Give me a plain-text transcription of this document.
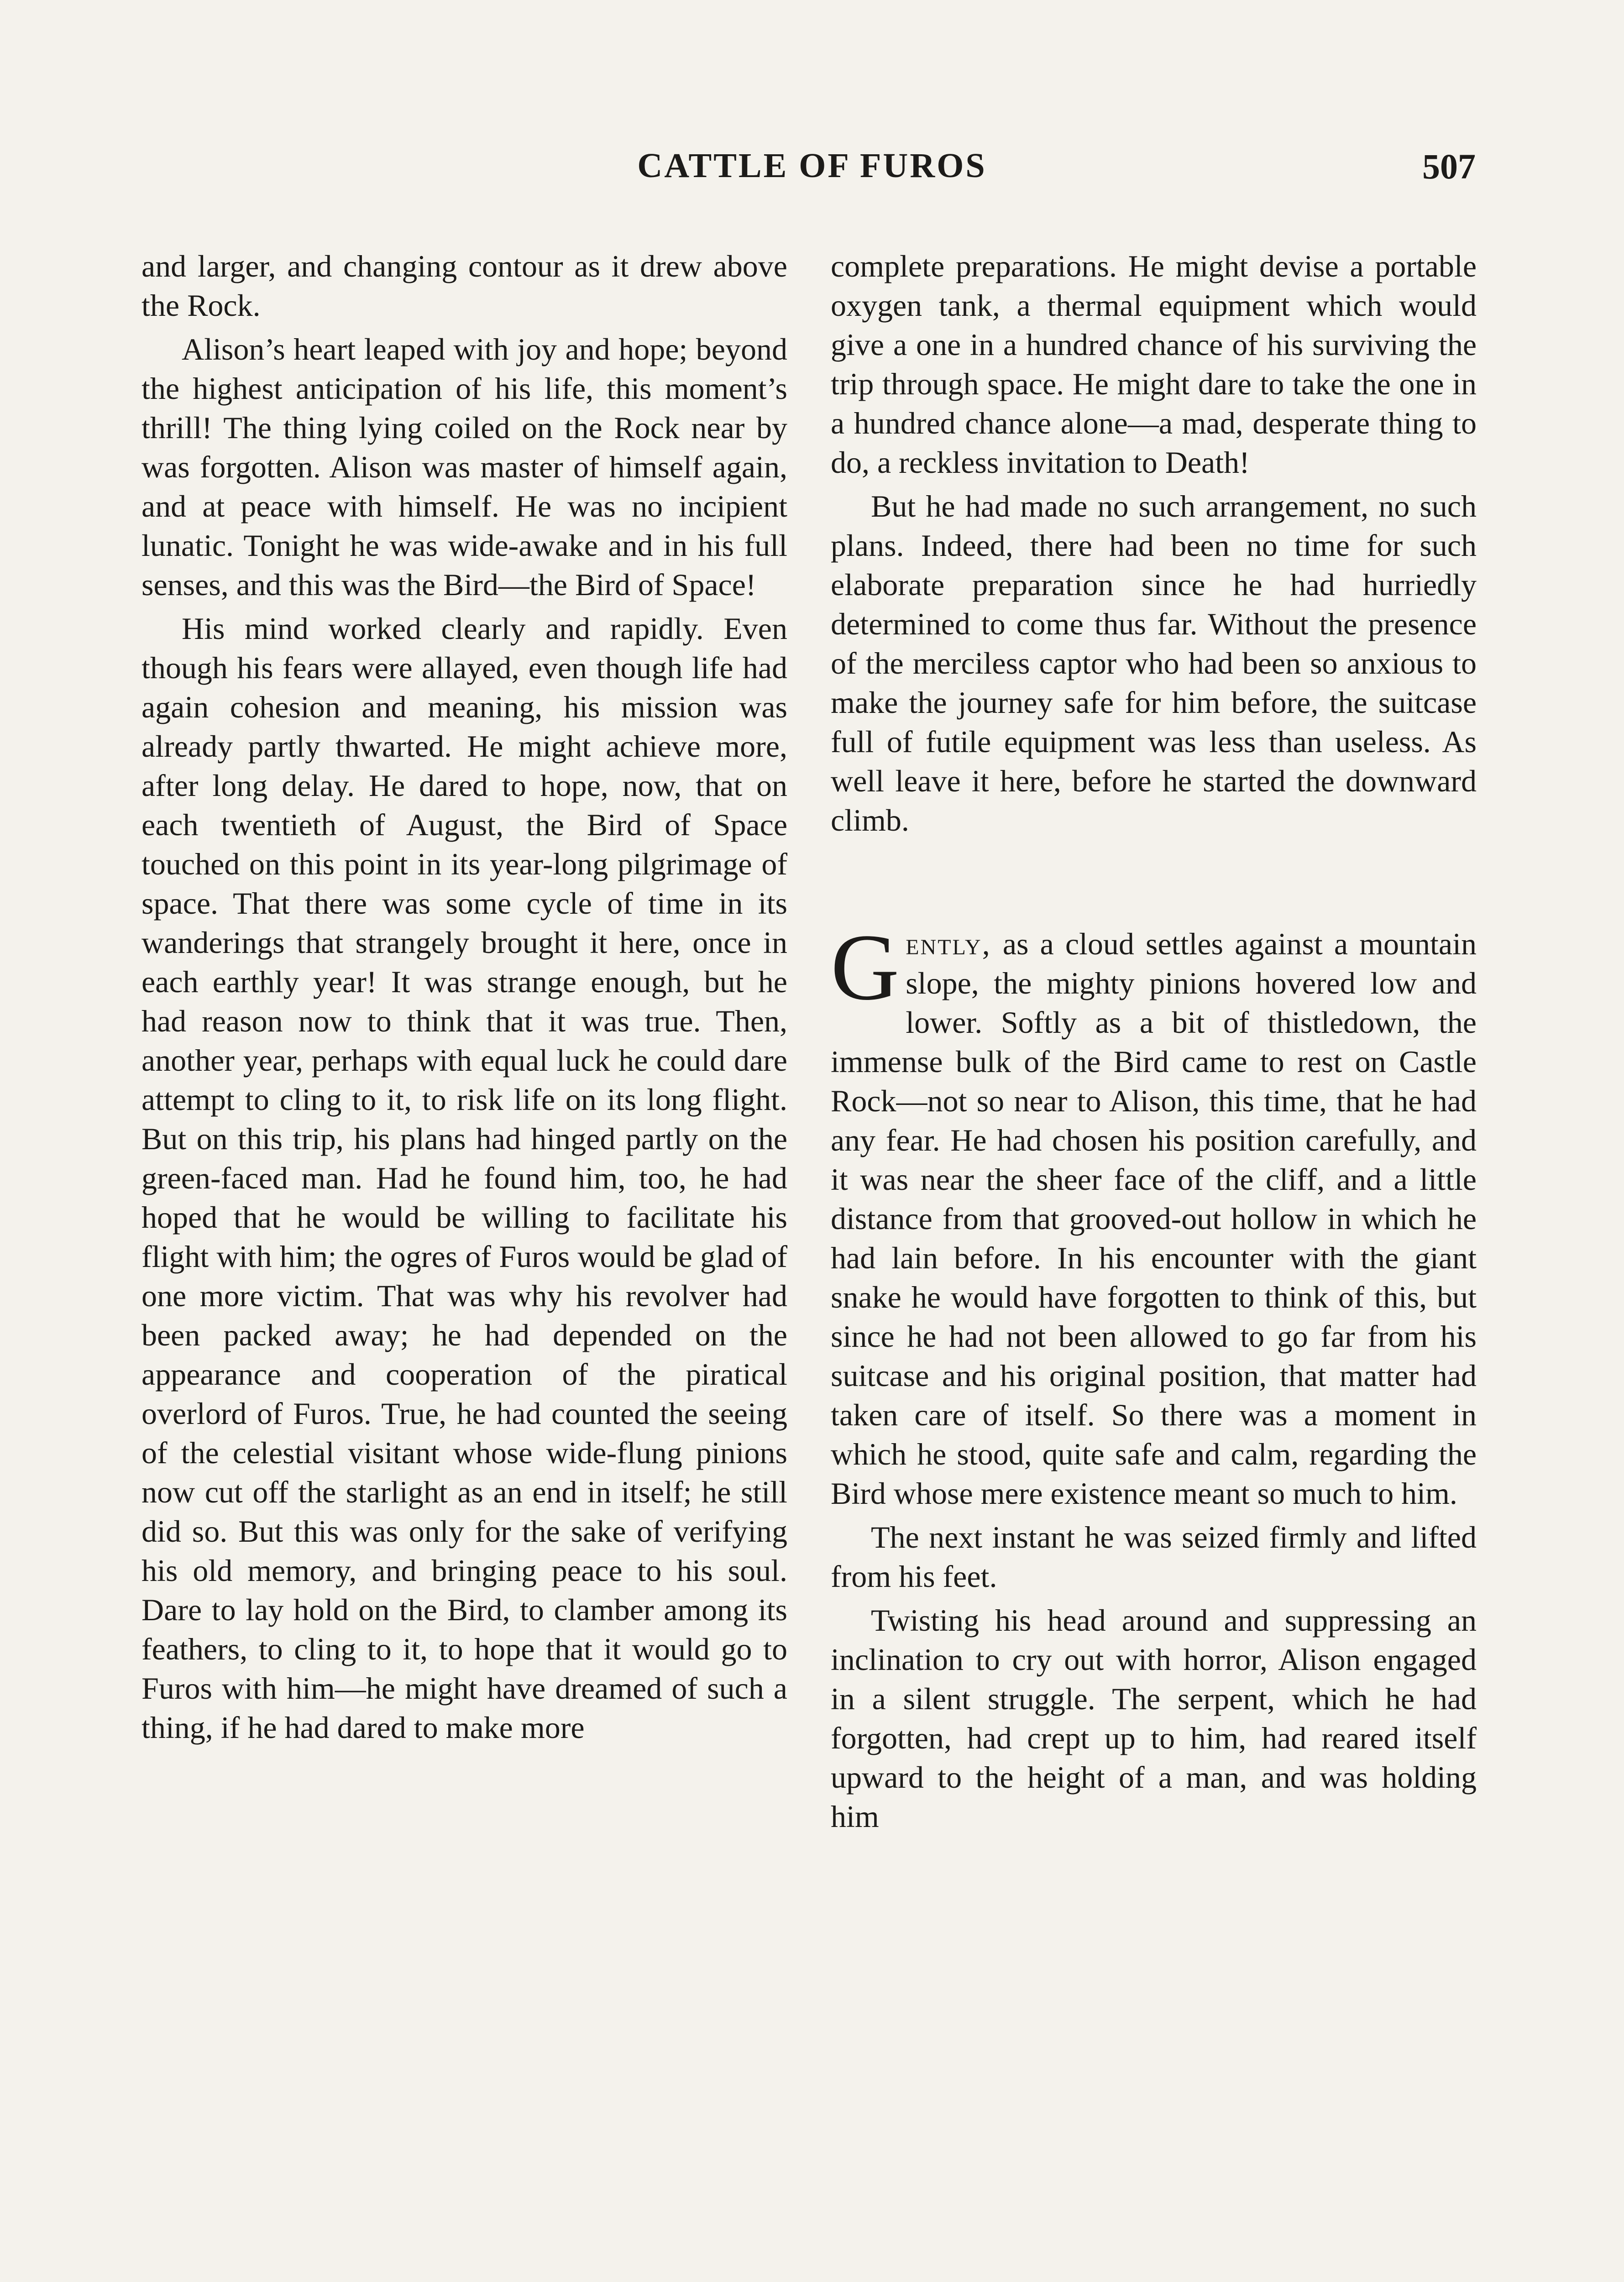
CATTLE OF FUROS	507

and larger, and changing contour as it drew above the Rock.

Alison’s heart leaped with joy and hope; beyond the highest anticipation of his life, this moment’s thrill! The thing lying coiled on the Rock near by was forgotten. Alison was master of himself again, and at peace with himself. He was no incipient lunatic. Tonight he was wide-awake and in his full senses, and this was the Bird—the Bird of Space!

His mind worked clearly and rapidly. Even though his fears were allayed, even though life had again cohesion and meaning, his mission was already partly thwarted. He might achieve more, after long delay. He dared to hope, now, that on each twentieth of August, the Bird of Space touched on this point in its year-long pilgrimage of space. That there was some cycle of time in its wanderings that strangely brought it here, once in each earthly year! It was strange enough, but he had reason now to think that it was true. Then, another year, perhaps with equal luck he could dare attempt to cling to it, to risk life on its long flight. But on this trip, his plans had hinged partly on the green-faced man. Had he found him, too, he had hoped that he would be willing to facilitate his flight with him; the ogres of Furos would be glad of one more victim. That was why his revolver had been packed away; he had depended on the appearance and cooperation of the piratical overlord of Furos. True, he had counted the seeing of the celestial visitant whose wide-flung pinions now cut off the starlight as an end in itself; he still did so. But this was only for the sake of verifying his old memory, and bringing peace to his soul. Dare to lay hold on the Bird, to clamber among its feathers, to cling to it, to hope that it would go to Furos with him—he might have dreamed of such a thing, if he had dared to make more

complete preparations. He might devise a portable oxygen tank, a thermal equipment which would give a one in a hundred chance of his surviving the trip through space. He might dare to take the one in a hundred chance alone—a mad, desperate thing to do, a reckless invitation to Death!

But he had made no such arrangement, no such plans. Indeed, there had been no time for such elaborate preparation since he had hurriedly determined to come thus far. Without the presence of the merciless captor who had been so anxious to make the journey safe for him before, the suitcase full of futile equipment was less than useless. As well leave it here, before he started the downward climb.

Gently, as a cloud settles against a mountain slope, the mighty pinions hovered low and lower. Softly as a bit of thistledown, the immense bulk of the Bird came to rest on Castle Rock—not so near to Alison, this time, that he had any fear. He had chosen his position carefully, and it was near the sheer face of the cliff, and a little distance from that grooved-out hollow in which he had lain before. In his encounter with the giant snake he would have forgotten to think of this, but since he had not been allowed to go far from his suitcase and his original position, that matter had taken care of itself. So there was a moment in which he stood, quite safe and calm, regarding the Bird whose mere existence meant so much to him.

The next instant he was seized firmly and lifted from his feet.

Twisting his head around and suppressing an inclination to cry out with horror, Alison engaged in a silent struggle. The serpent, which he had forgotten, had crept up to him, had reared itself upward to the height of a man, and was holding him
